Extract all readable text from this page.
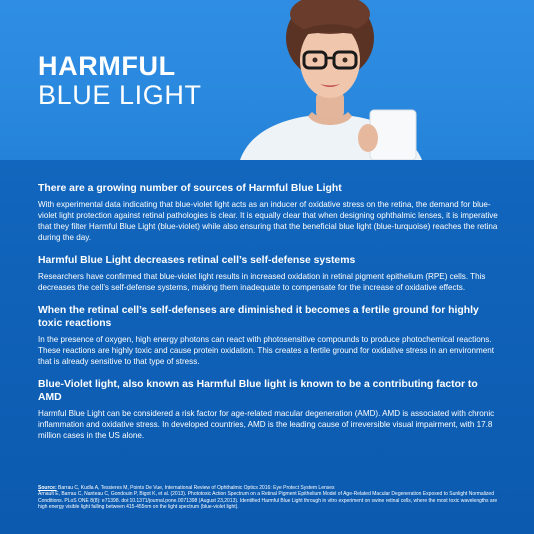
HARMFUL
BLUE LIGHT

There are a growing number of sources of Harmful Blue Light

With experimental data indicating that blue-violet light acts as an inducer of oxidative stress on the retina, the demand for blue-violet light protection against retinal pathologies is clear. It is equally clear that when designing ophthalmic lenses, it is imperative that they filter Harmful Blue Light (blue-violet) while also ensuring that the beneficial blue light (blue-turquoise) reaches the retina during the day.

Harmful Blue Light decreases retinal cell’s self-defense systems

Researchers have confirmed that blue-violet light results in increased oxidation in retinal pigment epithelium (RPE) cells. This decreases the cell’s self-defense systems, making them inadequate to compensate for the increase of oxidative effects.

When the retinal cell’s self-defenses are diminished it becomes a fertile ground for highly toxic reactions

In the presence of oxygen, high energy photons can react with photosensitive compounds to produce photochemical reactions. These reactions are highly toxic and cause protein oxidation. This creates a fertile ground for oxidative stress in an environment that is already sensitive to that type of stress.

Blue-Violet light, also known as Harmful Blue light is known to be a contributing factor to AMD

Harmful Blue Light can be considered a risk factor for age-related macular degeneration (AMD). AMD is associated with chronic inflammation and oxidative stress. In developed countries, AMD is the leading cause of irreversible visual impairment, with 17.8 million cases in the US alone.

Source: Barrau C, Kudla A, Tessieres M, Points De Vue, International Review of Ophthalmic Optics 2016: Eye Protect System Lenses

Arnault E, Barrau C, Nanteau C, Gondouin P, Bigot K, et al. (2013). Phototoxic Action Spectrum on a Retinal Pigment Epithelium Model of Age-Related Macular Degeneration Exposed to Sunlight Normalized Conditions. PLoS ONE 8(8): e71398. doi:10.1371/journal.pone.0071398 (August 23,2013). Identified Harmful Blue Light through in vitro experiment on swine retinal cells, where the most toxic wavelengths are high energy visible light falling between 415-455nm on the light spectrum (blue-violet light).
